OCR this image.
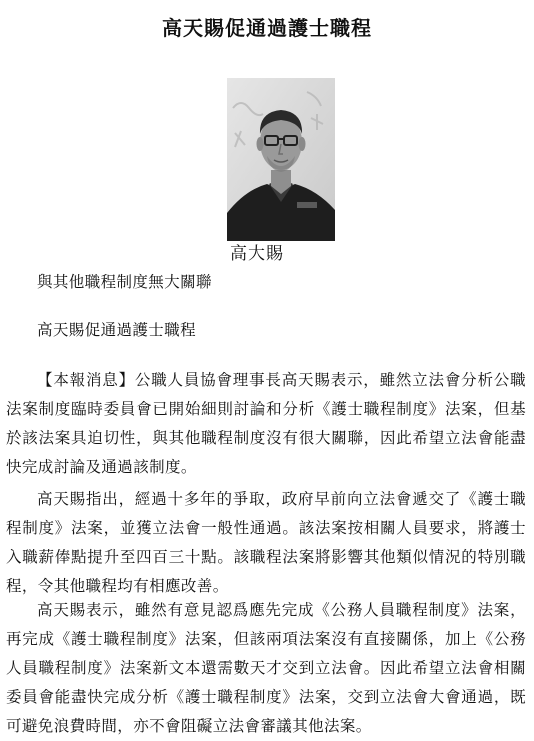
高天賜促通過護士職程
高大賜

與其他職程制度無大關聯

高天賜促通過護士職程

【本報消息】公職人員協會理事長高天賜表示，雖然立法會分析公職法案制度臨時委員會已開始細則討論和分析《護士職程制度》法案，但基於該法案具迫切性，與其他職程制度沒有很大關聯，因此希望立法會能盡快完成討論及通過該制度。

高天賜指出，經過十多年的爭取，政府早前向立法會遞交了《護士職程制度》法案，並獲立法會一般性通過。該法案按相關人員要求，將護士入職薪俸點提升至四百三十點。該職程法案將影響其他類似情況的特別職程，令其他職程均有相應改善。

高天賜表示，雖然有意見認爲應先完成《公務人員職程制度》法案，再完成《護士職程制度》法案，但該兩項法案沒有直接關係，加上《公務人員職程制度》法案新文本還需數天才交到立法會。因此希望立法會相關委員會能盡快完成分析《護士職程制度》法案，交到立法會大會通過，既可避免浪費時間，亦不會阻礙立法會審議其他法案。
